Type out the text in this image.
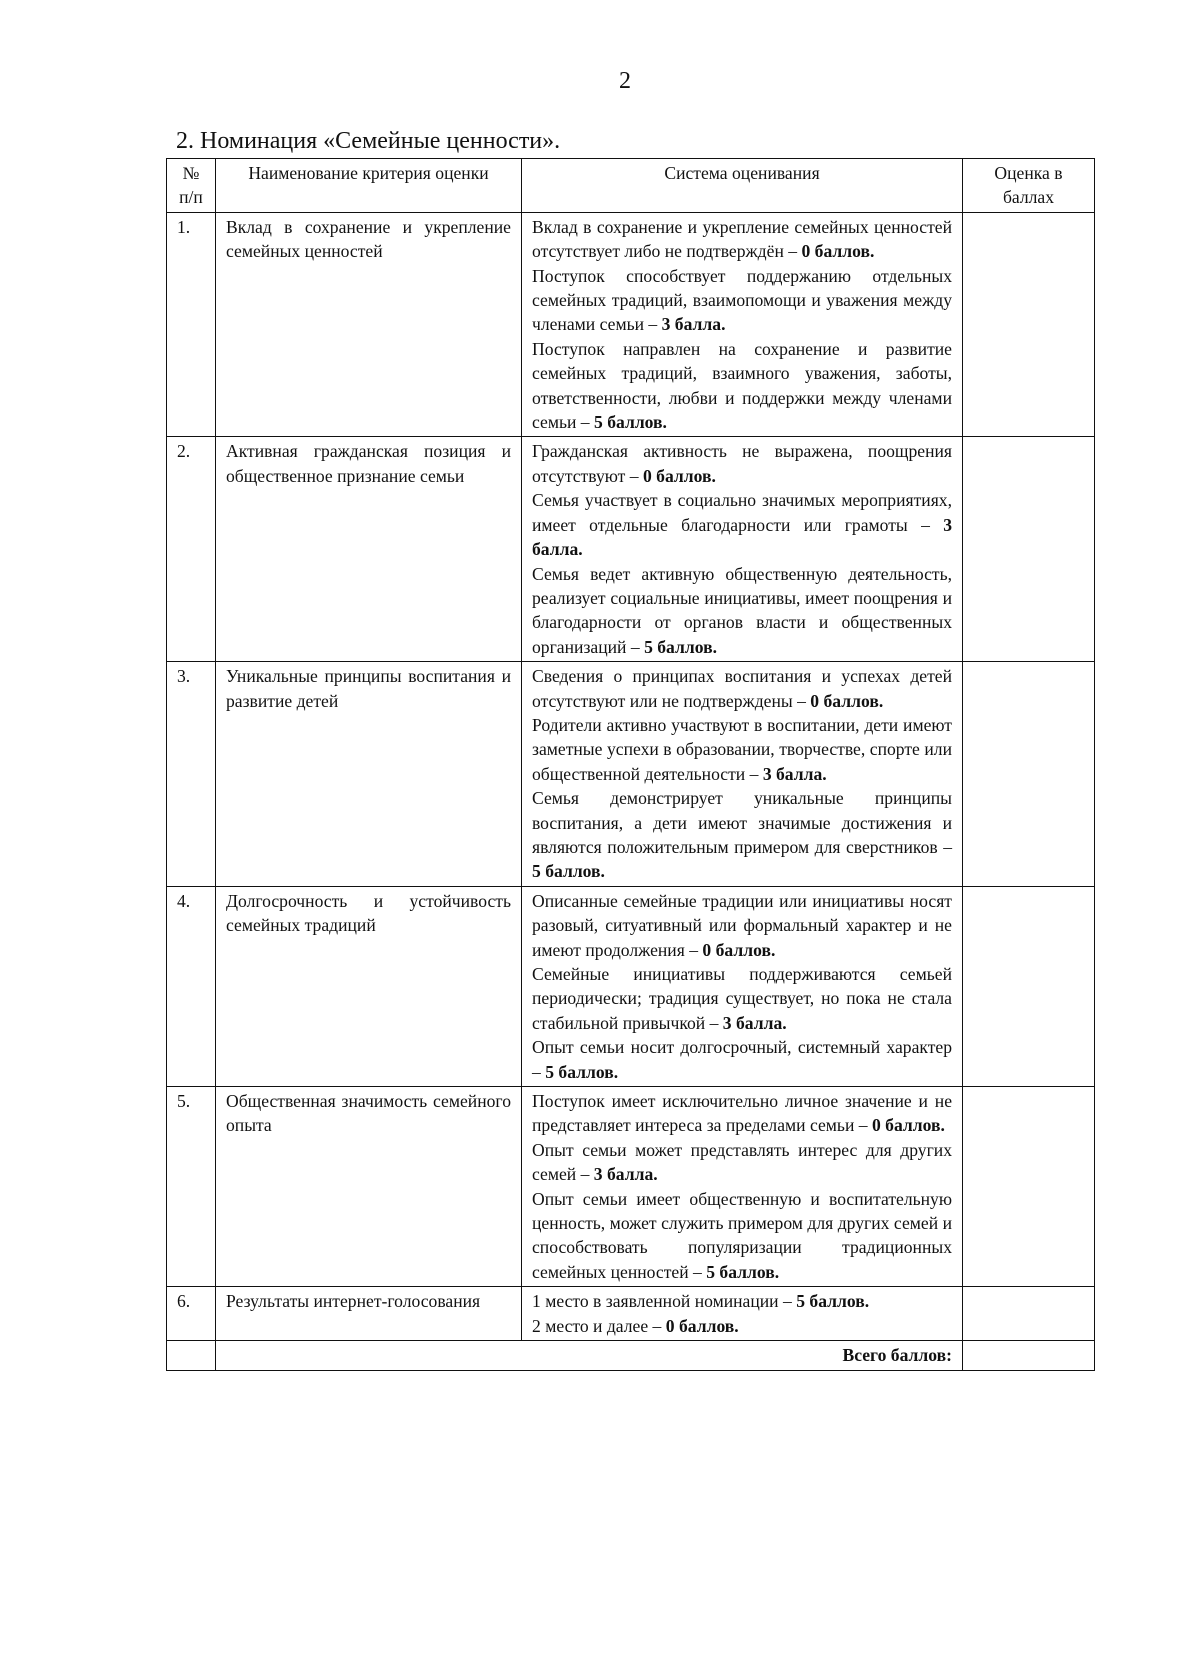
2
2. Номинация «Семейные ценности».
№ п/п	Наименование критерия оценки	Система оценивания	Оценка в баллах
1.	Вклад в сохранение и укрепление семейных ценностей	Вклад в сохранение и укрепление семейных ценностей отсутствует либо не подтверждён – 0 баллов.
Поступок способствует поддержанию отдельных семейных традиций, взаимопомощи и уважения между членами семьи – 3 балла.
Поступок направлен на сохранение и развитие семейных традиций, взаимного уважения, заботы, ответственности, любви и поддержки между членами семьи – 5 баллов.	

2.	Активная гражданская позиция и общественное признание семьи	Гражданская активность не выражена, поощрения отсутствуют – 0 баллов.
Семья участвует в социально значимых мероприятиях, имеет отдельные благодарности или грамоты – 3 балла.
Семья ведет активную общественную деятельность, реализует социальные инициативы, имеет поощрения и благодарности от органов власти и общественных организаций – 5 баллов.	

3.	Уникальные принципы воспитания и развитие детей	Сведения о принципах воспитания и успехах детей отсутствуют или не подтверждены – 0 баллов.
Родители активно участвуют в воспитании, дети имеют заметные успехи в образовании, творчестве, спорте или общественной деятельности – 3 балла.
Семья демонстрирует уникальные принципы воспитания, а дети имеют значимые достижения и являются положительным примером для сверстников – 5 баллов.	

4.	Долгосрочность и устойчивость семейных традиций	Описанные семейные традиции или инициативы носят разовый, ситуативный или формальный характер и не имеют продолжения – 0 баллов.
Семейные инициативы поддерживаются семьей периодически; традиция существует, но пока не стала стабильной привычкой – 3 балла.
Опыт семьи носит долгосрочный, системный характер – 5 баллов.	

5.	Общественная значимость семейного опыта	Поступок имеет исключительно личное значение и не представляет интереса за пределами семьи – 0 баллов.
Опыт семьи может представлять интерес для других семей – 3 балла.
Опыт семьи имеет общественную и воспитательную ценность, может служить примером для других семей и способствовать популяризации традиционных семейных ценностей – 5 баллов.	

6.	Результаты интернет-голосования	1 место в заявленной номинации – 5 баллов.
2 место и далее – 0 баллов.	

	Всего баллов:		
